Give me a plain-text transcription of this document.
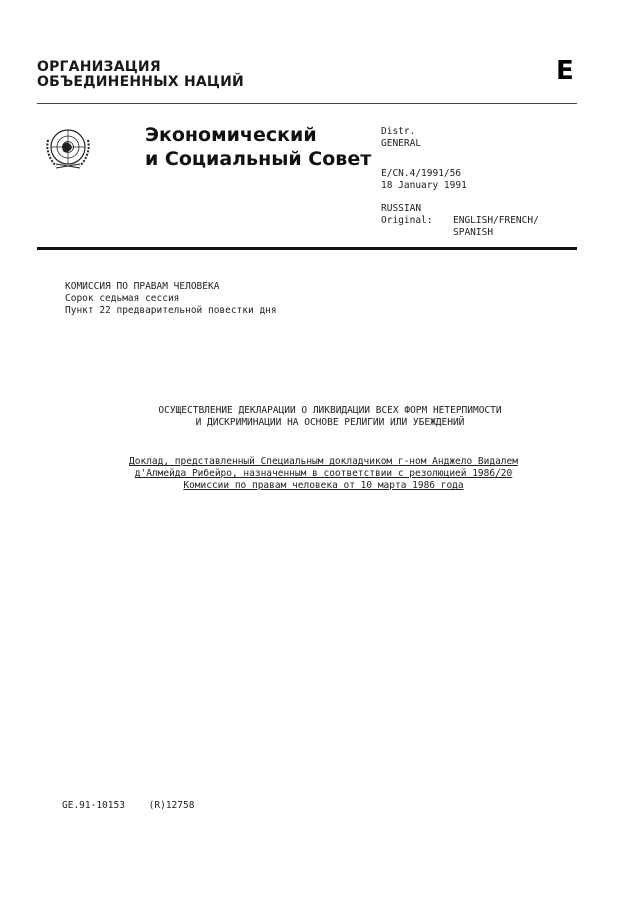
ОРГАНИЗАЦИЯ
ОБЪЕДИНЕННЫХ НАЦИЙ	E
Экономический
и Социальный Совет
Distr.
GENERAL
E/CN.4/1991/56
18 January 1991
RUSSIAN
Original:	ENGLISH/FRENCH/
SPANISH
КОМИССИЯ ПО ПРАВАМ ЧЕЛОВЕКА
Сорок седьмая сессия
Пункт 22 предварительной повестки дня
ОСУЩЕСТВЛЕНИЕ ДЕКЛАРАЦИИ О ЛИКВИДАЦИИ ВСЕХ ФОРМ НЕТЕРПИМОСТИ
И ДИСКРИМИНАЦИИ НА ОСНОВЕ РЕЛИГИИ ИЛИ УБЕЖДЕНИЙ
Доклад, представленный Специальным докладчиком г-ном Анджело Видалем
д'Алмейда Рибейро, назначенным в соответствии с резолюцией 1986/20
Комиссии по правам человека от 10 марта 1986 года
GE.91-10153 (R)12758
